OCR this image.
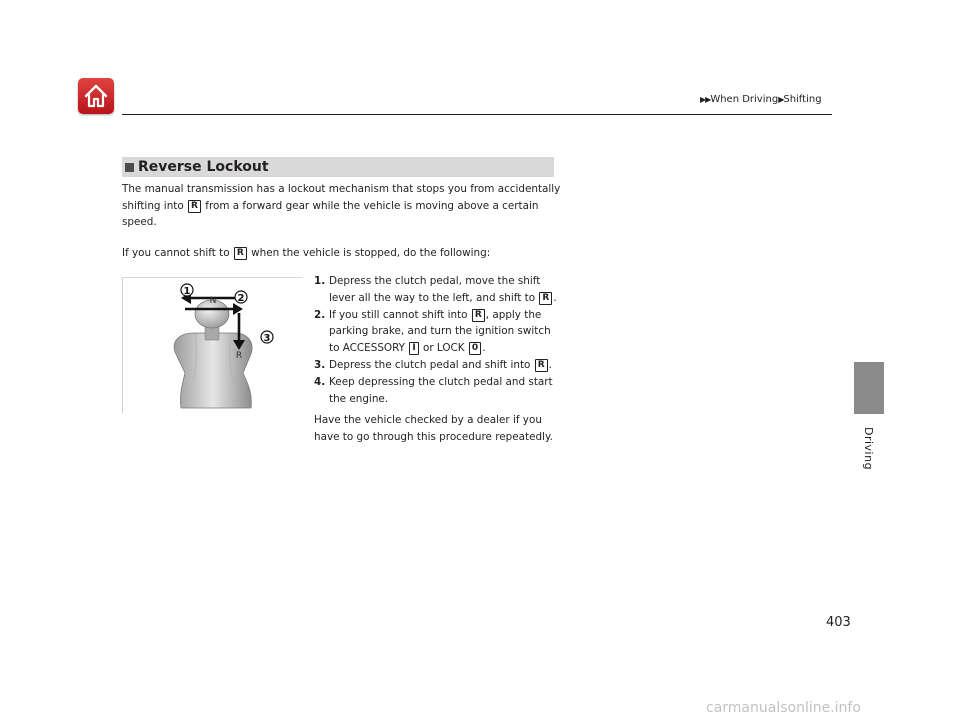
▶▶When Driving▶Shifting
Driving
Reverse Lockout
The manual transmission has a lockout mechanism that stops you from accidentally shifting into R from a forward gear while the vehicle is moving above a certain speed.
If you cannot shift to R when the vehicle is stopped, do the following:
1
2
3
N
R
1. Depress the clutch pedal, move the shift lever all the way to the left, and shift to R .
2. If you still cannot shift into R , apply the parking brake, and turn the ignition switch to ACCESSORY I or LOCK 0 .
3. Depress the clutch pedal and shift into R .
4. Keep depressing the clutch pedal and start the engine.
Have the vehicle checked by a dealer if you have to go through this procedure repeatedly.
403
carmanualsonline.info
